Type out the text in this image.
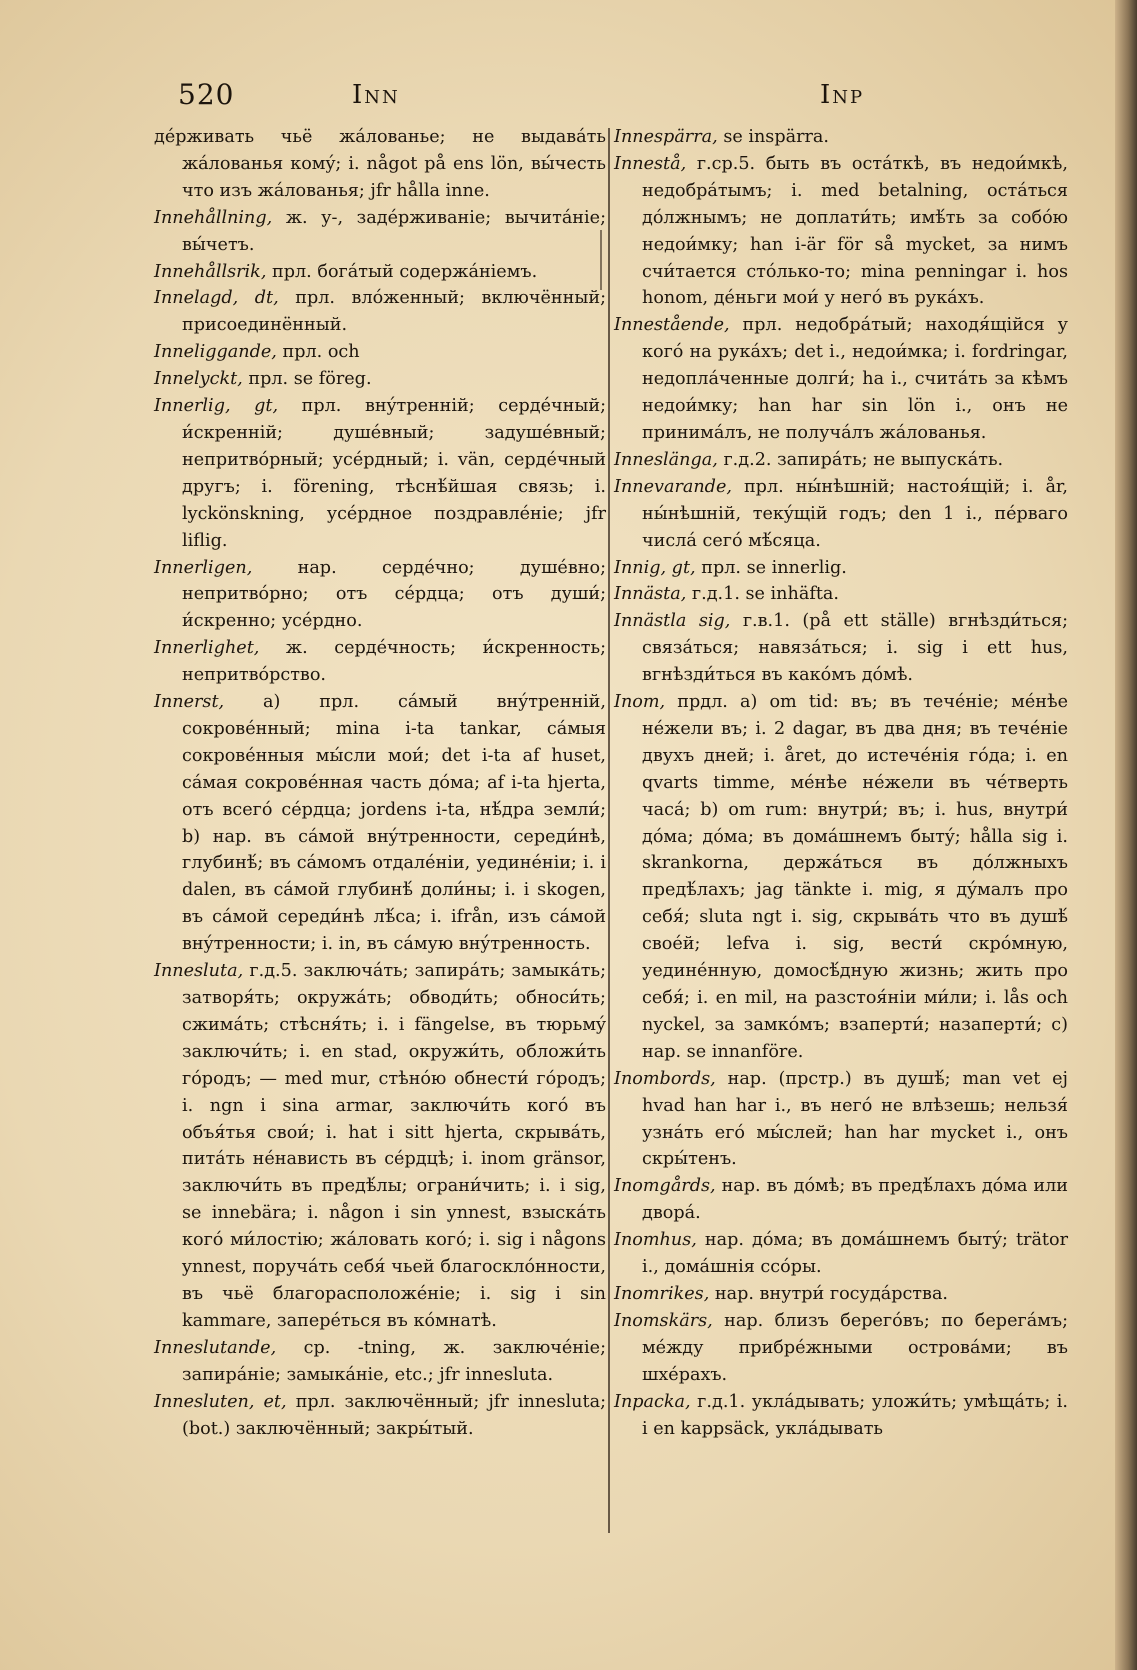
520	Inn	Inp

дéрживать чьё жáлованье; не выдавáть жáлованья комý; i. något på ens lön, вы́честь что изъ жáлованья; jfr hålla inne.

Innehållning, ж. у-, задéрживаніе; вычитáніе; вы́четъ.

Innehållsrik, прл. богáтый содержáніемъ.

Innelagd, dt, прл. влóженный; включённый; присоединённый.

Inneliggande, прл. och

Innelyckt, прл. se föreg.

Innerlig, gt, прл. внýтренній; сердéчный; и́скренній; душéвный; задушéвный; непритвóрный; усéрдный; i. vän, сердéчный другъ; i. förening, тѣснѣ́йшая связь; i. lyckönskning, усéрдное поздравлéніе; jfr liflig.

Innerligen,	нар. сердéчно; душéвно; непритвóрно; отъ сéрдца; отъ души́; и́скренно; усéрдно.

Innerlighet, ж. сердéчность; и́скренность; непритвóрство.

Innerst, a) прл. сáмый внýтренній, сокровéнный; mina i-ta tankar, сáмыя сокровéнныя мы́сли мои́; det i-ta af huset, сáмая сокровéнная часть дóма; af i-ta hjerta, отъ всегó сéрдца; jordens i-ta, нѣ́дра земли́; b) нар. въ сáмой внýтренности, середи́нѣ, глубинѣ́; въ сáмомъ отдалéніи, уединéніи; i. i dalen, въ сáмой глубинѣ́ доли́ны; i. i skogen, въ сáмой середи́нѣ лѣ́са; i. ifrån, изъ сáмой внýтренности; i. in, въ сáмую внýтренность.

Innesluta, г.д.5. заключáть; запирáть; замыкáть; затворя́ть; окружáть; обводи́ть; обноси́ть; сжимáть; стѣсня́ть; i. i fängelse, въ тюрьмý заключи́ть; i. en stad, окружи́ть, обложи́ть гóродъ; — med mur, стѣнóю обнести́ гóродъ; i. ngn i sina armar, заключи́ть когó въ объя́тья свои́; i. hat i sitt hjerta, скрывáть, питáть нéнависть въ сéрдцѣ; i. inom gränsor, заключи́ть въ предѣ́лы; ограни́чить; i. i sig, se innebära; i. någon i sin ynnest, взыскáть когó ми́лостію; жáловать когó; i. sig i någons ynnest, поручáть себя́ чьей благосклóнности, въ чьё благорасположéніе; i. sig i sin kammare, заперéться въ кóмнатѣ.

Inneslutande, ср. -tning, ж. заключéніе; запирáніе; замыкáніе, etc.; jfr innesluta.

Innesluten, et, прл. заключённый; jfr innesluta; (bot.) заключённый; закры́тый.

Innespärra, se inspärra.

Innestå, г.ср.5. быть въ остáткѣ, въ недои́мкѣ, недобрáтымъ; i. med betalning, остáться дóлжнымъ; не доплати́ть; имѣ́ть за собóю недои́мку; han i-är för så mycket, за нимъ счи́тается стóлько-то; mina penningar i. hos honom, дéньги мои́ у негó въ рукáхъ.

Innestående, прл. недобрáтый; находя́щійся у когó на рукáхъ; det i., недои́мка; i. fordringar, недоплáченные долги́; ha i., считáть за кѣмъ недои́мку; han har sin lön i., онъ не принимáлъ, не получáлъ жáлованья.

Inneslänga, г.д.2. запирáть; не выпускáть.

Innevarande, прл. ны́нѣшній; настоя́щій; i. år, ны́нѣшній, текýщій годъ; den 1 i., пéрваго числá сегó мѣ́сяца.

Innig, gt, прл. se innerlig.

Innästa, г.д.1. se inhäfta.

Innästla sig, г.в.1. (på ett ställe) вгнѣзди́ться; связáться; навязáться; i. sig i ett hus, вгнѣзди́ться въ какóмъ дóмѣ.

Inom, прдл. a) om tid: въ; въ течéніе; мéнѣе нéжели въ; i. 2 dagar, въ два дня; въ течéніе двухъ дней; i. året, до истечéнія гóда; i. en qvarts timme, мéнѣе нéжели въ чéтверть часá; b) om rum: внутри́; въ; i. hus, внутри́ дóма; дóма; въ домáшнемъ бытý; hålla sig i. skrankorna, держáться въ дóлжныхъ предѣ́лахъ; jag tänkte i. mig, я дýмалъ про себя́; sluta ngt i. sig, скрывáть что въ душѣ́ своéй; lefva i. sig, вести́ скрóмную, уединéнную, домосѣ́дную жизнь; жить про себя́; i. en mil, на разстоя́ніи ми́ли; i. lås och nyckel, за замкóмъ; взаперти́; назаперти́; c) нар. se innanföre.

Inombords, нар. (прстр.) въ душѣ́; man vet ej hvad han har i., въ негó не влѣзешь; нельзя́ узнáть егó мы́слей; han har mycket i., онъ скры́тенъ.

Inomgårds, нар. въ дóмѣ; въ предѣ́лахъ дóма или двора́.

Inomhus, нар. дóма; въ домáшнемъ бытý; trätor i., домáшнія ссóры.

Inomrikes, нар. внутри́ госудáрства.

Inomskärs, нар. близъ берегóвъ; по берегáмъ; мéжду прибрéжными островáми; въ шхéрахъ.

Inpacka, г.д.1. уклáдывать; уложи́ть; умѣщáть; i. i en kappsäck, уклáдывать
